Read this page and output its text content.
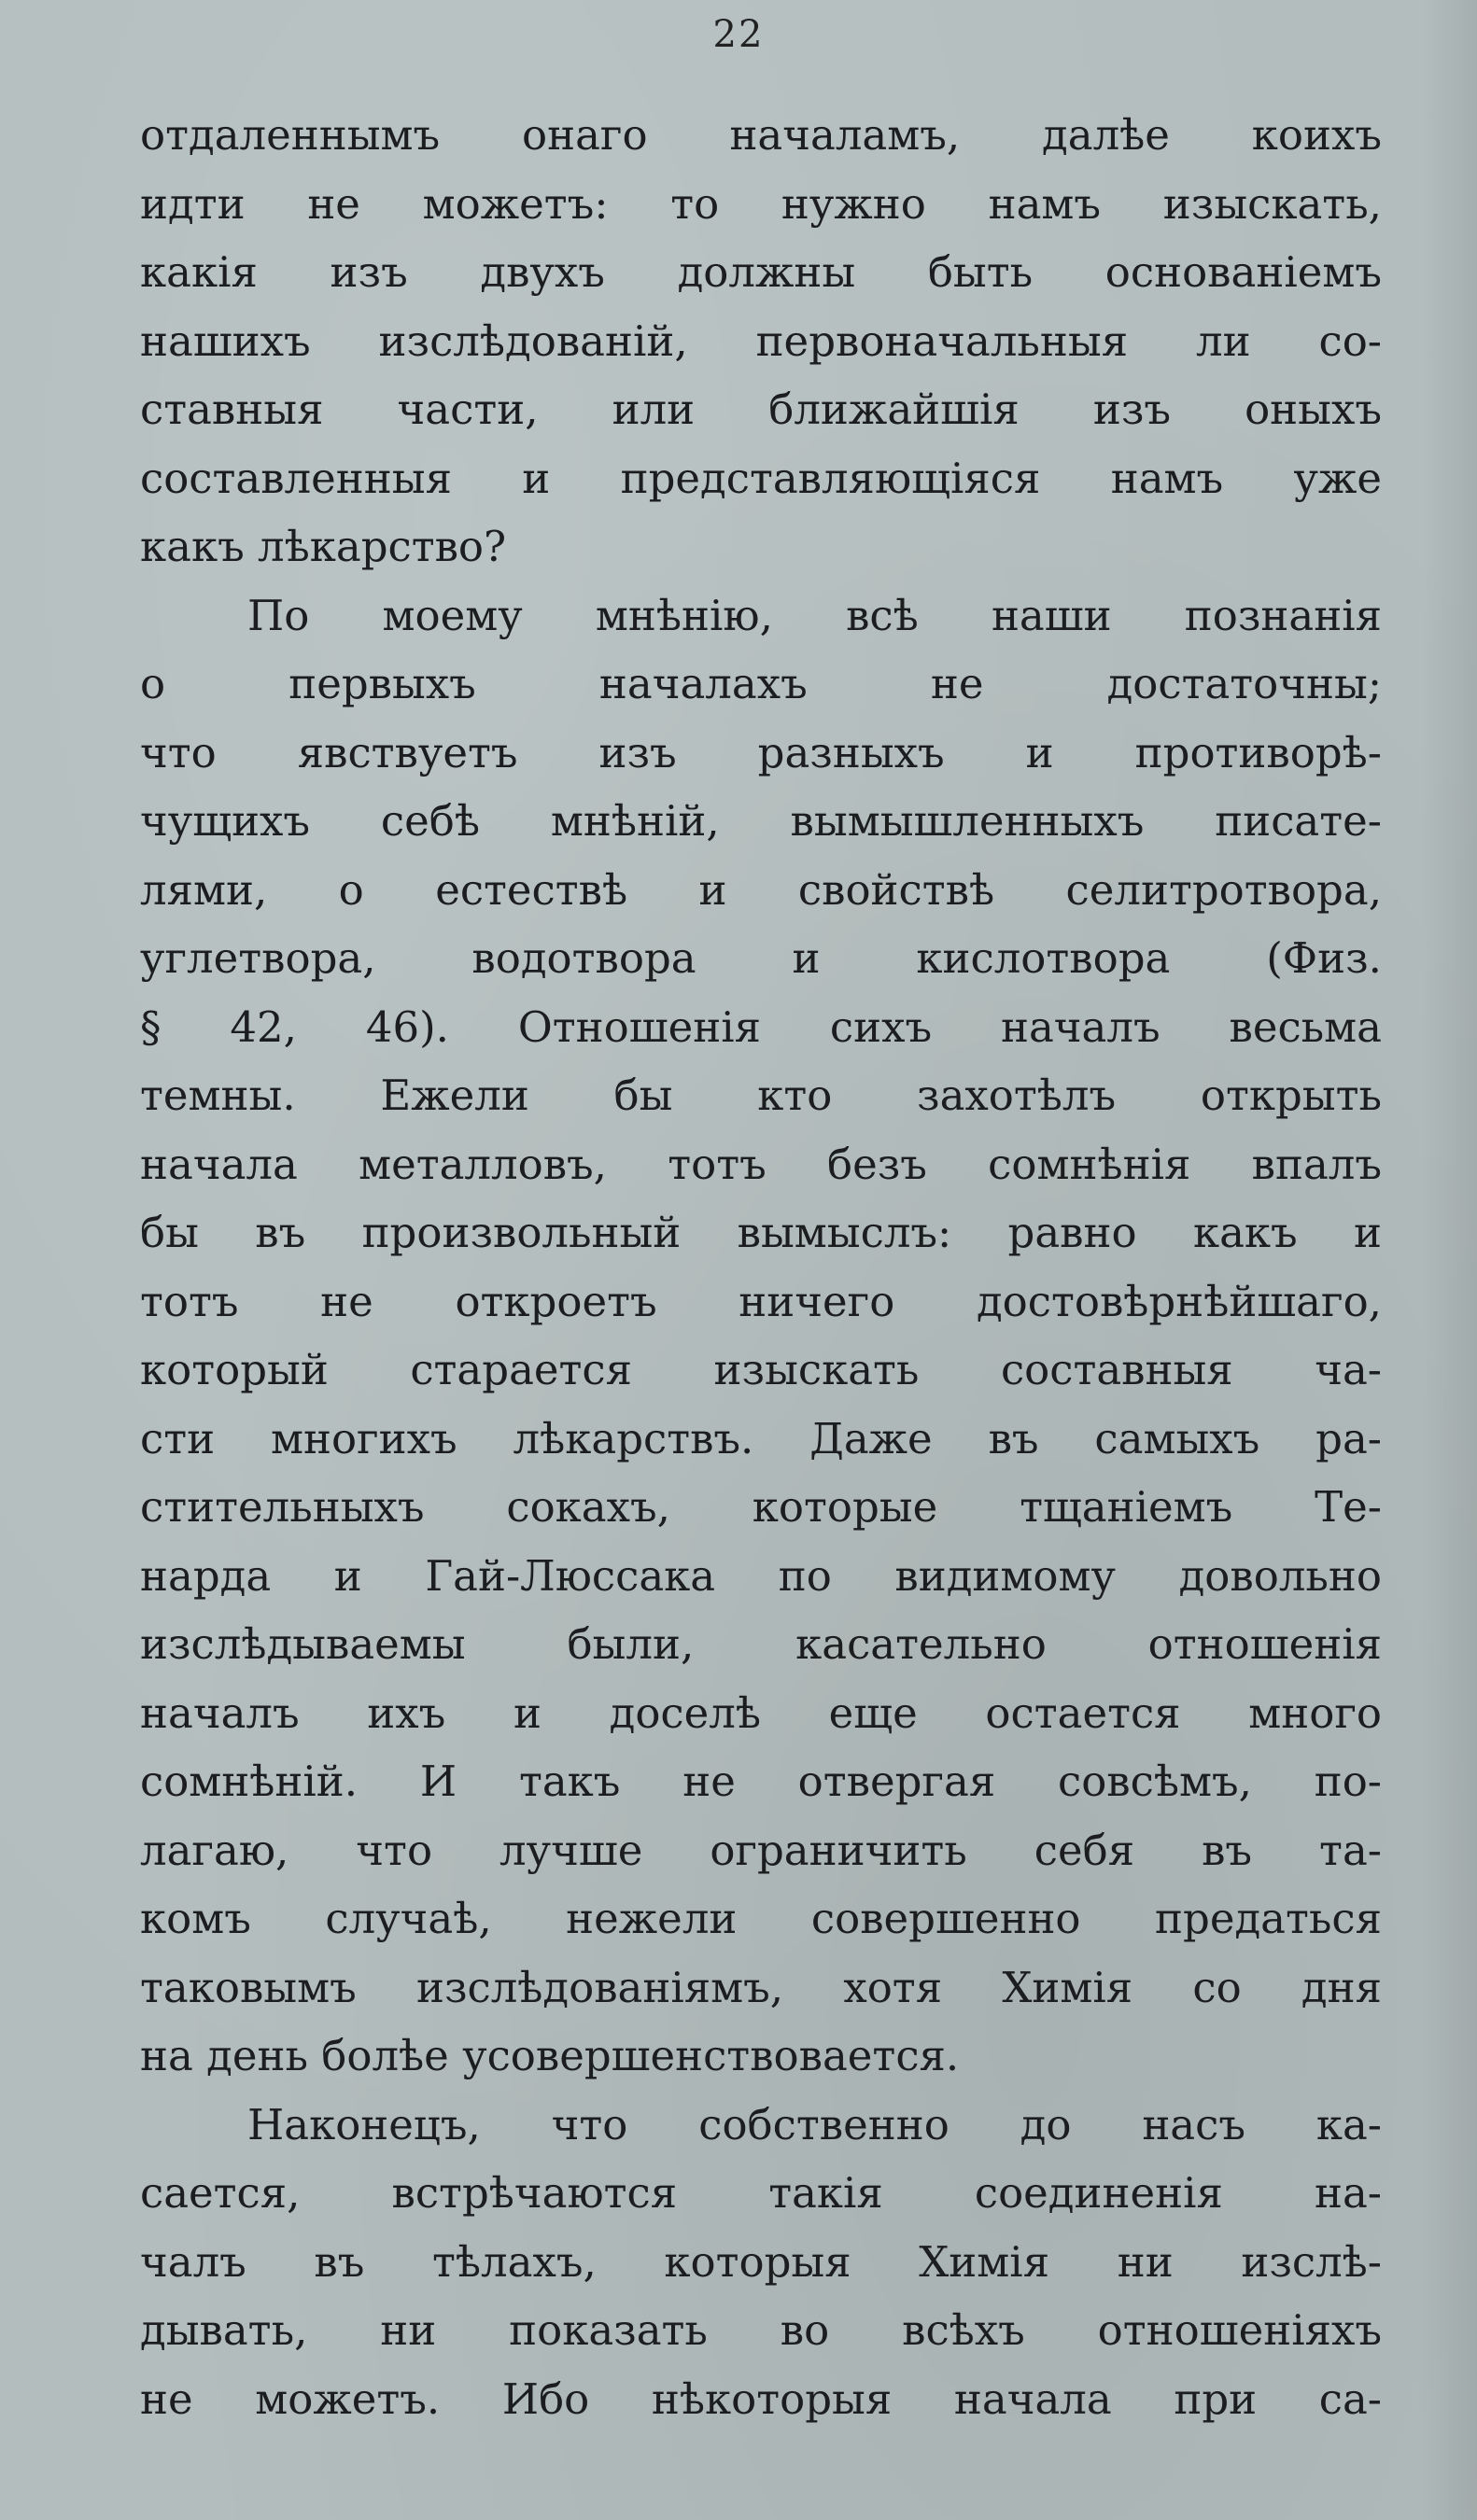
22
отдаленнымъ онаго началамъ, далѣе коихъ
идти не можетъ: то нужно намъ изыскать,
какія изъ двухъ должны быть основаніемъ
нашихъ изслѣдованій, первоначальныя ли со-
ставныя части, или ближайшія изъ оныхъ
составленныя и представляющіяся намъ уже
какъ лѣкарство?
По моему мнѣнію, всѣ наши познанія
о первыхъ началахъ не достаточны;
что явствуетъ изъ разныхъ и противорѣ-
чущихъ себѣ мнѣній, вымышленныхъ писате-
лями, о естествѣ и свойствѣ селитротвора,
углетвора, водотвора и кислотвора (Физ.
§ 42, 46). Отношенія сихъ началъ весьма
темны. Ежели бы кто захотѣлъ открыть
начала металловъ, тотъ безъ сомнѣнія впалъ
бы въ произвольный вымыслъ: равно какъ и
тотъ не откроетъ ничего достовѣрнѣйшаго,
который старается изыскать составныя ча-
сти многихъ лѣкарствъ. Даже въ самыхъ ра-
стительныхъ сокахъ, которые тщаніемъ Те-
нарда и Гай-Люссака по видимому довольно
изслѣдываемы были, касательно отношенія
началъ ихъ и доселѣ еще остается много
сомнѣній. И такъ не отвергая совсѣмъ, по-
лагаю, что лучше ограничить себя въ та-
комъ случаѣ, нежели совершенно предаться
таковымъ изслѣдованіямъ, хотя Химія со дня
на день болѣе усовершенствоваетcя.
Наконецъ, что собственно до насъ ка-
сается, встрѣчаются такія соединенія на-
чалъ въ тѣлахъ, которыя Химія ни изслѣ-
дывать, ни показать во всѣхъ отношеніяхъ
не можетъ. Ибо нѣкоторыя начала при са-
